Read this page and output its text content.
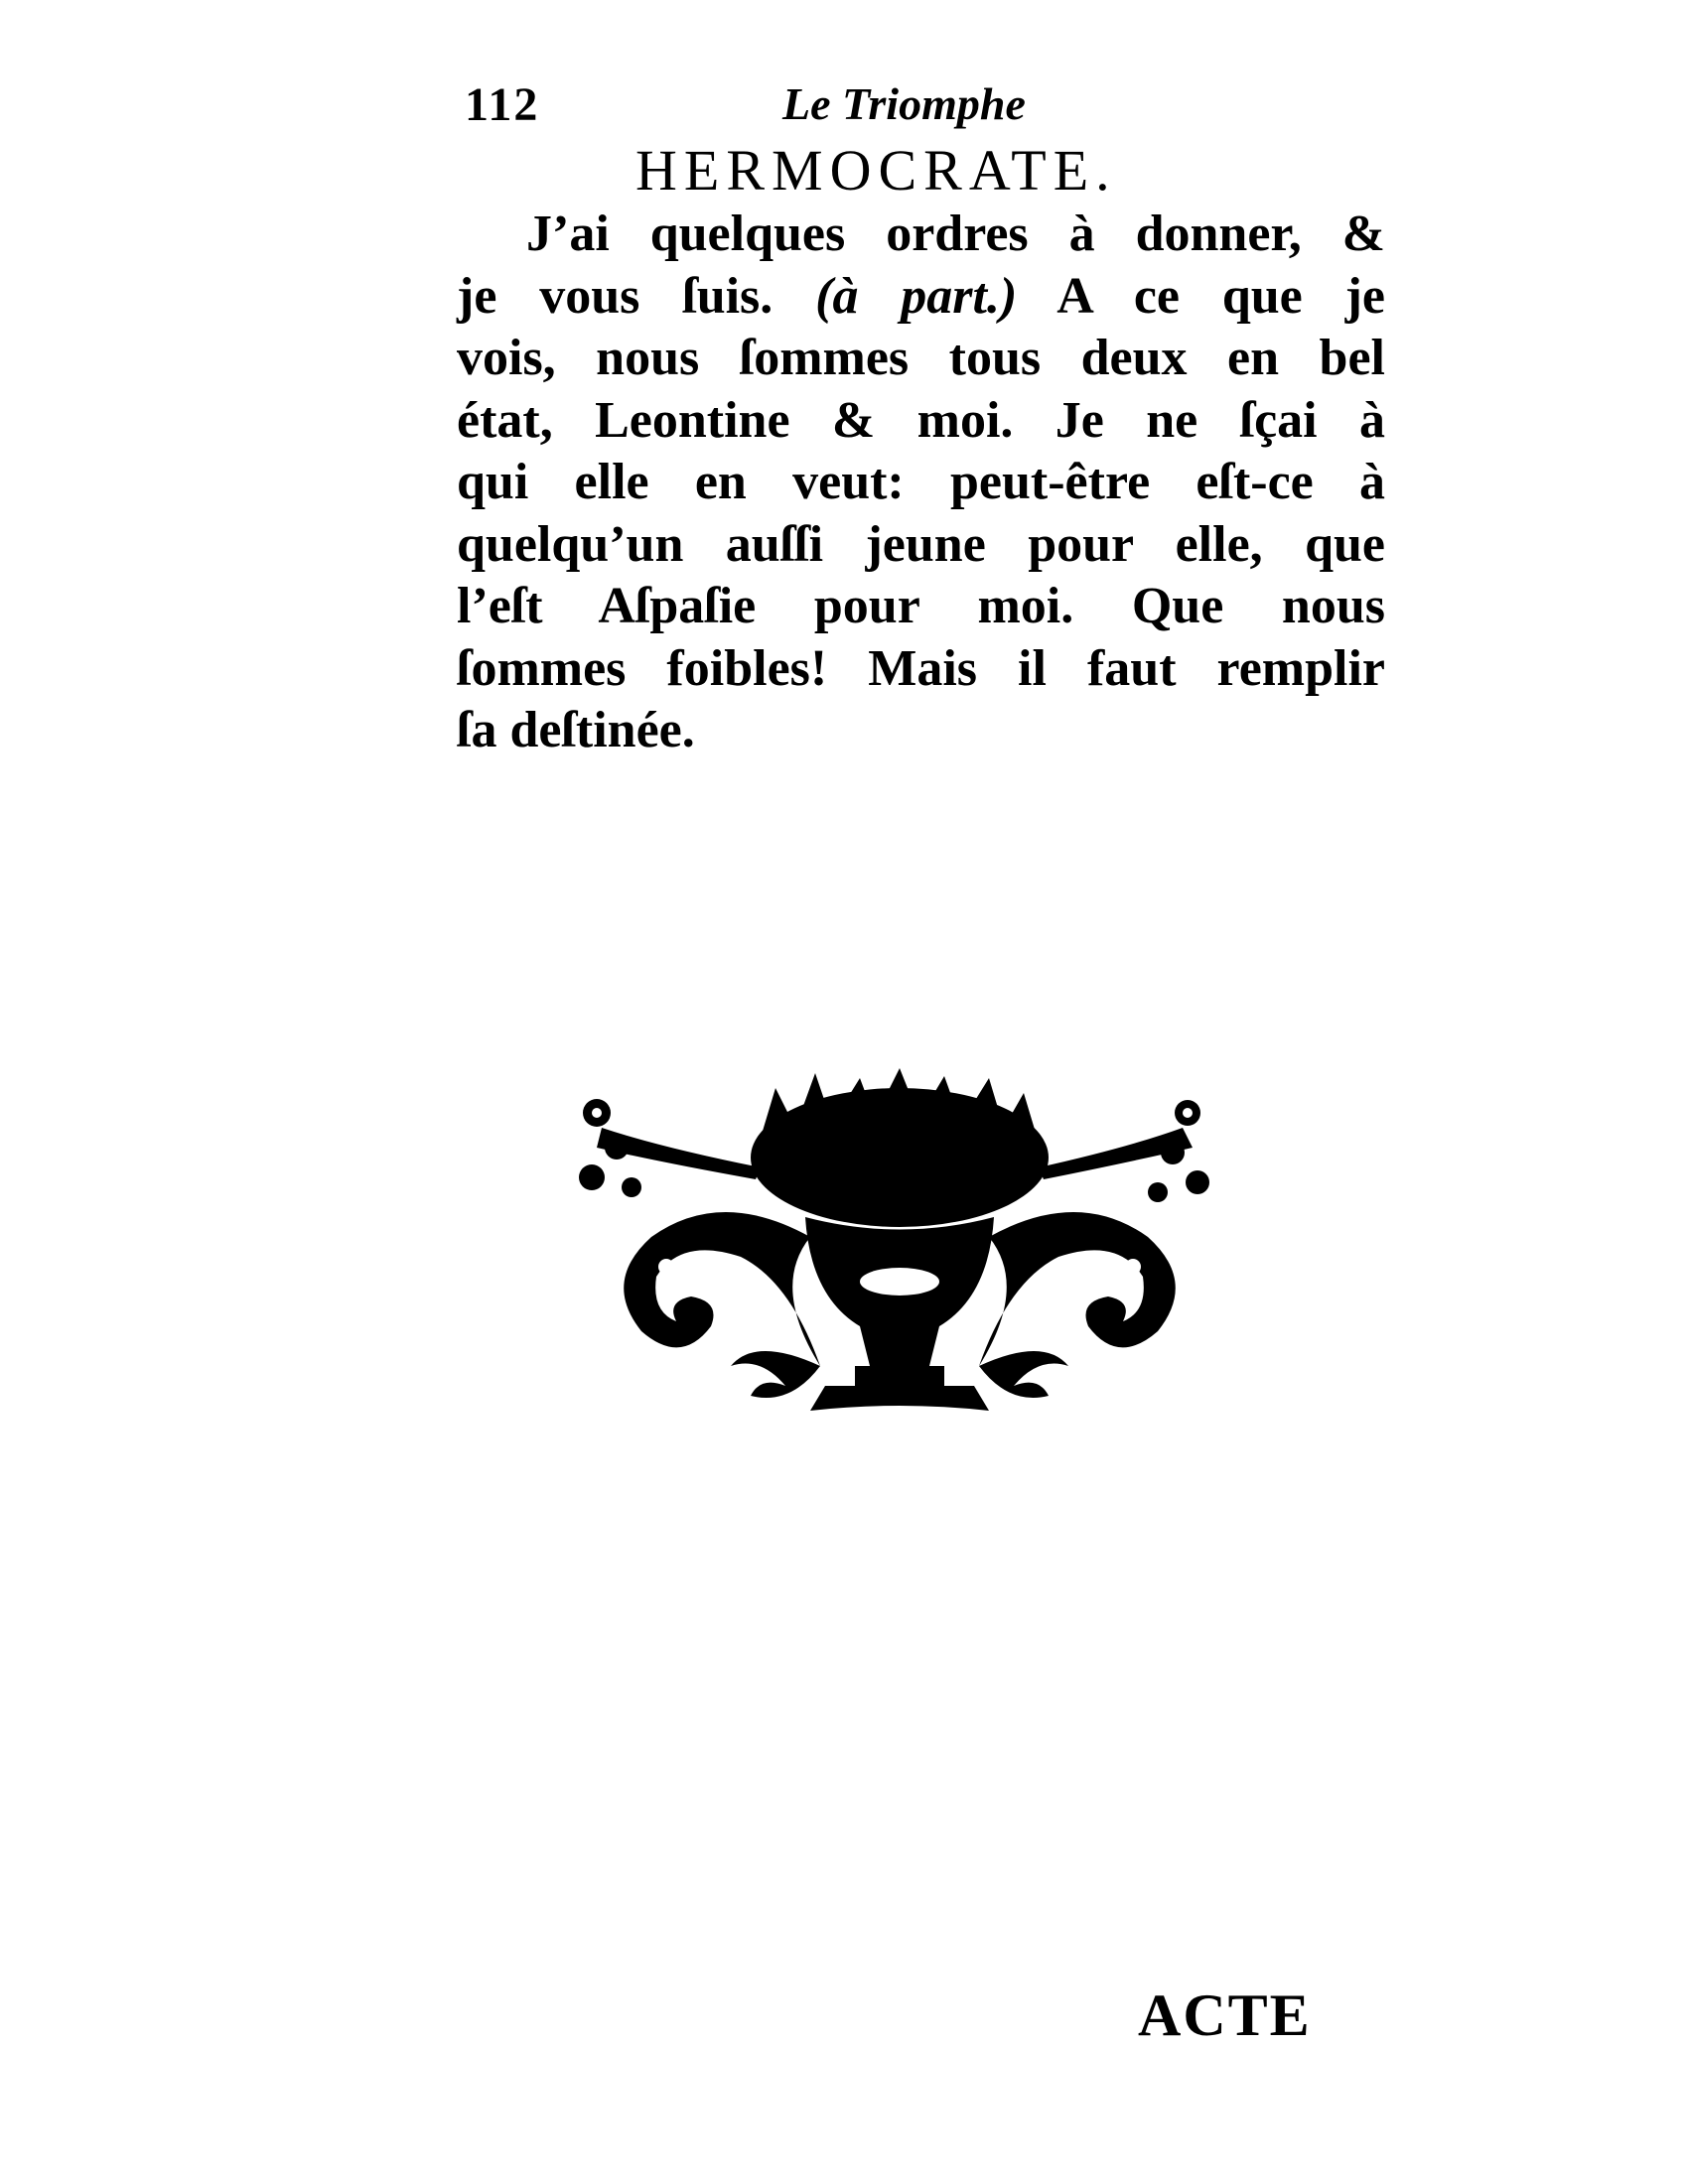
112	Le Triomphe
HERMOCRATE.
J’ai quelques ordres à donner, &
je vous ſuis. (à part.) A ce que je
vois, nous ſommes tous deux en bel
état, Leontine & moi. Je ne ſçai à
qui elle en veut: peut-être eſt-ce à
quelqu’un auſſi jeune pour elle, que
l’eſt Aſpaſie pour moi. Que nous
ſommes foibles! Mais il faut remplir
ſa deſtinée.
ACTE
